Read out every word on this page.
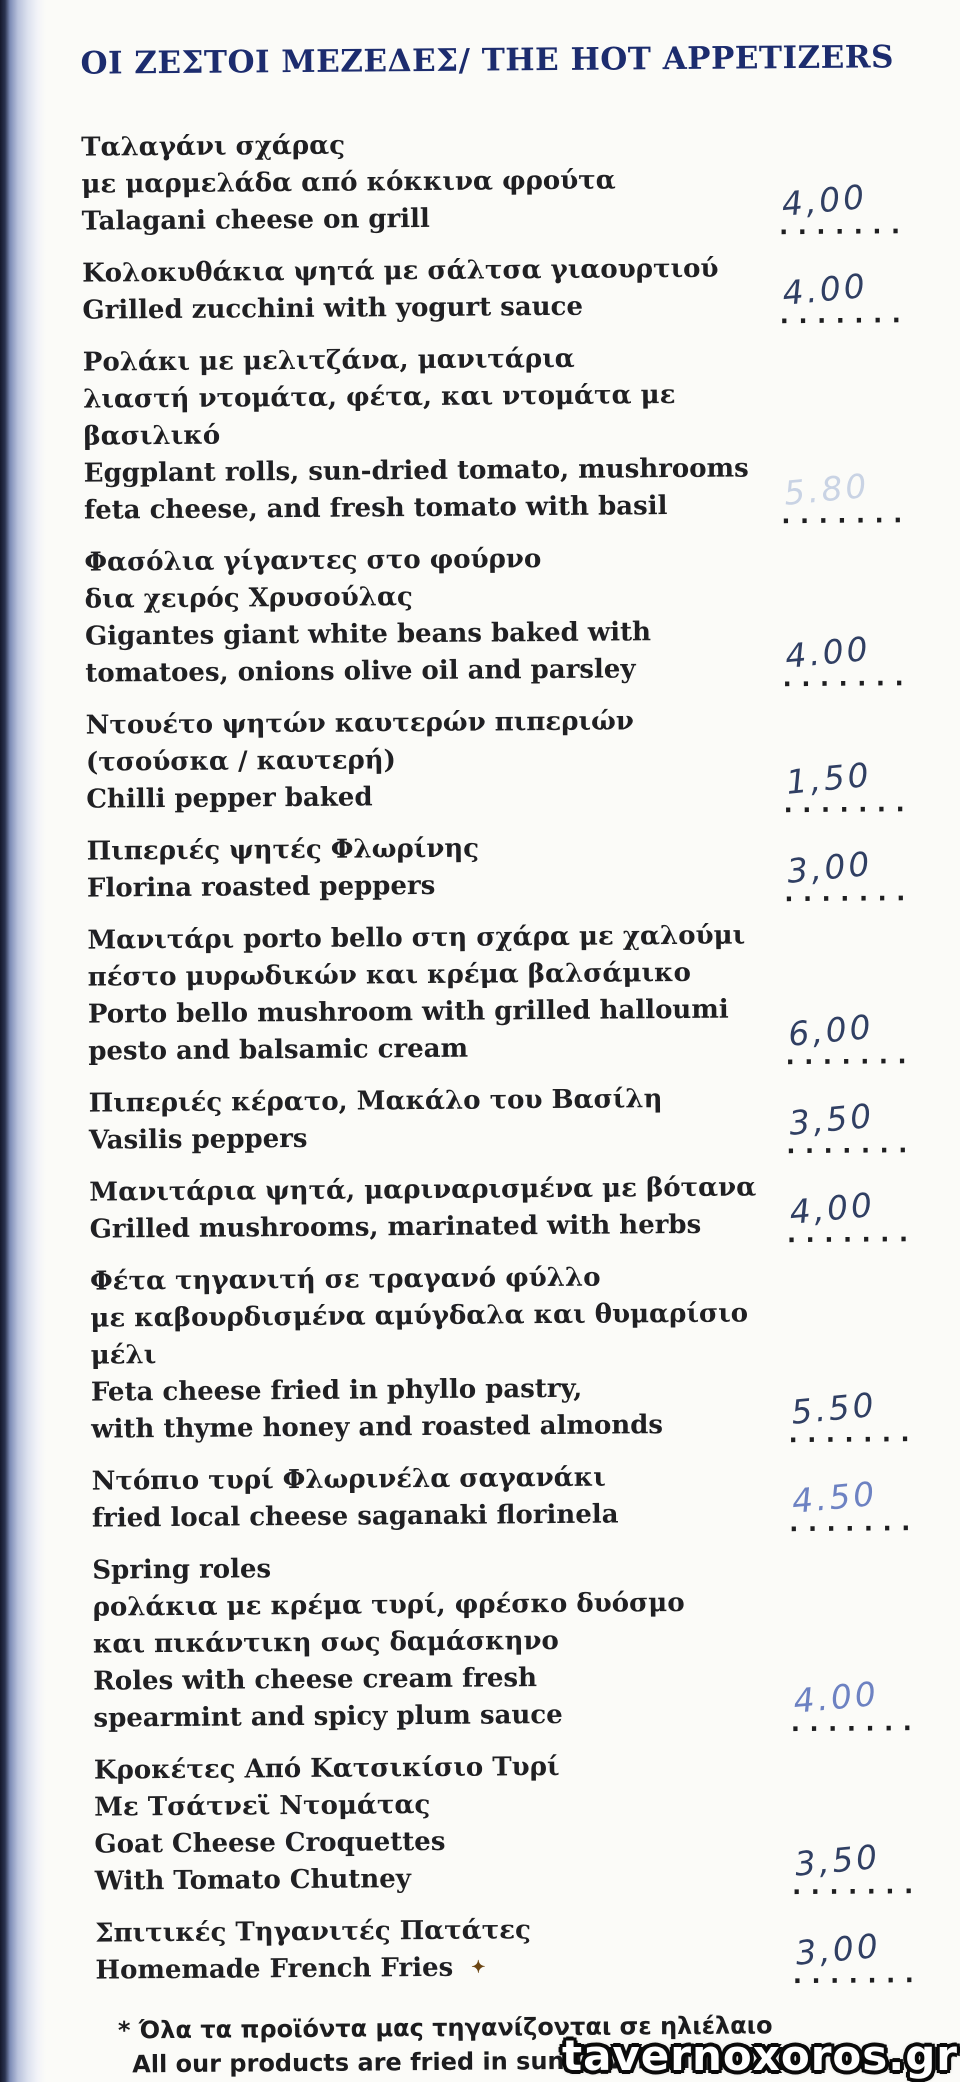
ΟΙ ΖΕΣΤΟΙ ΜΕΖΕΔΕΣ/ THE HOT APPETIZERS
Ταλαγάνι σχάρας
με μαρμελάδα από κόκκινα φρούτα
Talagani cheese on grill	4,00
.......
Κολοκυθάκια ψητά με σάλτσα γιαουρτιού
Grilled zucchini with yogurt sauce	4.00
.......
Ρολάκι με μελιτζάνα, μανιτάρια
λιαστή ντομάτα, φέτα, και ντομάτα με βασιλικό
Eggplant rolls, sun-dried tomato, mushrooms
feta cheese, and fresh tomato with basil	5.80
.......
Φασόλια γίγαντες στο φούρνο
δια χειρός Χρυσούλας
Gigantes giant white beans baked with
tomatoes, onions olive oil and parsley	4.00
.......
Ντουέτο ψητών καυτερών πιπεριών
(τσούσκα / καυτερή)
Chilli pepper baked	1,50
.......
Πιπεριές ψητές Φλωρίνης
Florina roasted peppers	3,00
.......
Μανιτάρι porto bello στη σχάρα με χαλούμι
πέστο μυρωδικών και κρέμα βαλσάμικο
Porto bello mushroom with grilled halloumi
pesto and balsamic cream	6,00
.......
Πιπεριές κέρατο, Μακάλο του Βασίλη
Vasilis peppers	3,50
.......
Μανιτάρια ψητά, μαριναρισμένα με βότανα
Grilled mushrooms, marinated with herbs	4,00
.......
Φέτα τηγανιτή σε τραγανό φύλλο
με καβουρδισμένα αμύγδαλα και θυμαρίσιο μέλι
Feta cheese fried in phyllo pastry,
with thyme honey and roasted almonds	5.50
.......
Ντόπιο τυρί Φλωρινέλα σαγανάκι
fried local cheese saganaki florinela	4.50
.......
Spring roles
ρολάκια με κρέμα τυρί, φρέσκο δυόσμο
και πικάντικη σως δαμάσκηνο
Roles with cheese cream fresh
spearmint and spicy plum sauce	4.00
.......
Κροκέτες Από Κατσικίσιο Τυρί
Με Τσάτνεϊ Ντομάτας
Goat Cheese Croquettes
With Tomato Chutney	3,50
.......
Σπιτικές Τηγανιτές Πατάτες
Homemade French Fries ✦	3,00
.......
* Όλα τα προϊόντα μας τηγανίζονται σε ηλιέλαιο
All our products are fried in sunflower oil
tavernoxoros.gr
